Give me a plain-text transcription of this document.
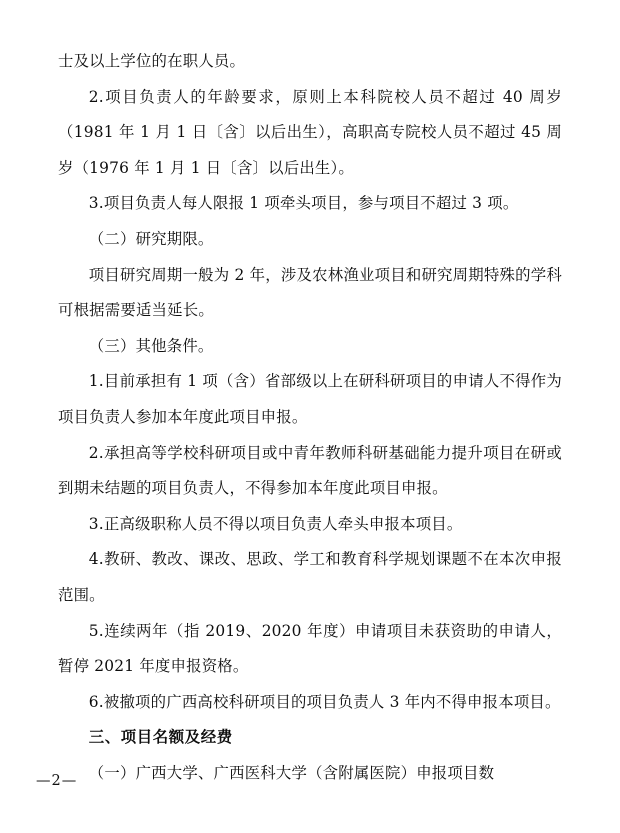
士及以上学位的在职人员。

2.项目负责人的年龄要求，原则上本科院校人员不超过 40 周岁（1981 年 1 月 1 日〔含〕以后出生），高职高专院校人员不超过 45 周岁（1976 年 1 月 1 日〔含〕以后出生）。

3.项目负责人每人限报 1 项牵头项目，参与项目不超过 3 项。

（二）研究期限。

项目研究周期一般为 2 年，涉及农林渔业项目和研究周期特殊的学科可根据需要适当延长。

（三）其他条件。

1.目前承担有 1 项（含）省部级以上在研科研项目的申请人不得作为项目负责人参加本年度此项目申报。

2.承担高等学校科研项目或中青年教师科研基础能力提升项目在研或到期未结题的项目负责人，不得参加本年度此项目申报。

3.正高级职称人员不得以项目负责人牵头申报本项目。

4.教研、教改、课改、思政、学工和教育科学规划课题不在本次申报范围。

5.连续两年（指 2019、2020 年度）申请项目未获资助的申请人，暂停 2021 年度申报资格。

6.被撤项的广西高校科研项目的项目负责人 3 年内不得申报本项目。

三、项目名额及经费

（一）广西大学、广西医科大学（含附属医院）申报项目数

—2—
